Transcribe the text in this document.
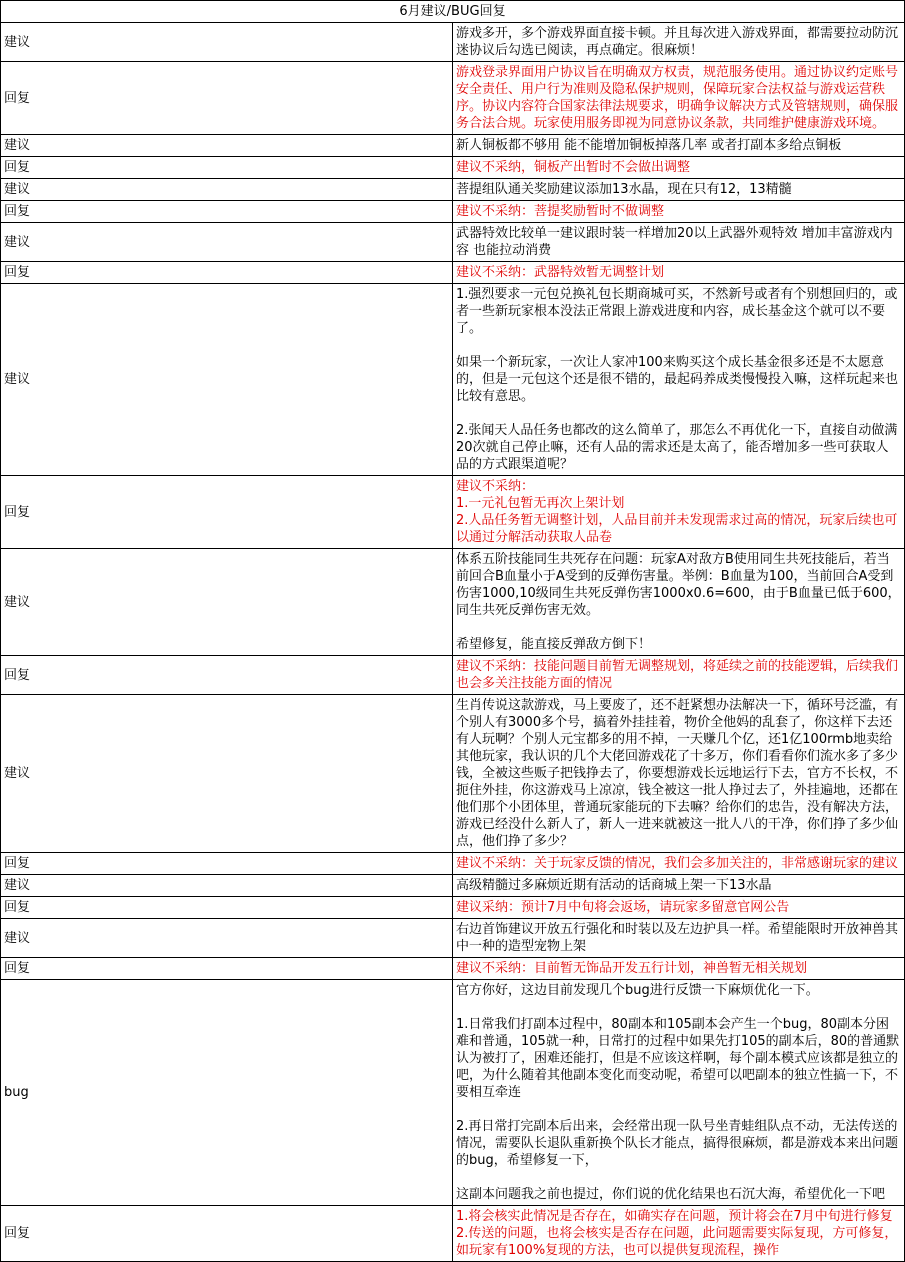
6月建议/BUG回复	
建议	游戏多开，多个游戏界面直接卡顿。并且每次进入游戏界面，都需要拉动防沉迷协议后勾选已阅读，再点确定。很麻烦！

回复	游戏登录界面用户协议旨在明确双方权责，规范服务使用。通过协议约定账号安全责任、用户行为准则及隐私保护规则，保障玩家合法权益与游戏运营秩序。协议内容符合国家法律法规要求，明确争议解决方式及管辖规则，确保服务合法合规。玩家使用服务即视为同意协议条款，共同维护健康游戏环境。

建议	新人铜板都不够用 能不能增加铜板掉落几率 或者打副本多给点铜板

回复	建议不采纳，铜板产出暂时不会做出调整

建议	菩提组队通关奖励建议添加13水晶，现在只有12，13精髓

回复	建议不采纳：菩提奖励暂时不做调整

建议	武器特效比较单一建议跟时装一样增加20以上武器外观特效 增加丰富游戏内容 也能拉动消费

回复	建议不采纳：武器特效暂无调整计划

建议	1.强烈要求一元包兑换礼包长期商城可买，不然新号或者有个别想回归的，或者一些新玩家根本没法正常跟上游戏进度和内容，成长基金这个就可以不要了。

如果一个新玩家，一次让人家冲100来购买这个成长基金很多还是不太愿意的，但是一元包这个还是很不错的，最起码养成类慢慢投入嘛，这样玩起来也比较有意思。

2.张闻天人品任务也都改的这么简单了，那怎么不再优化一下，直接自动做满20次就自己停止嘛，还有人品的需求还是太高了，能否增加多一些可获取人品的方式跟渠道呢？

回复	建议不采纳：

1.一元礼包暂无再次上架计划

2.人品任务暂无调整计划，人品目前并未发现需求过高的情况，玩家后续也可以通过分解活动获取人品卷

建议	体系五阶技能同生共死存在问题：玩家A对敌方B使用同生共死技能后，若当前回合B血量小于A受到的反弹伤害量。举例：B血量为100，当前回合A受到伤害1000,10级同生共死反弹伤害1000x0.6=600，由于B血量已低于600，同生共死反弹伤害无效。

希望修复，能直接反弹敌方倒下！

回复	建议不采纳：技能问题目前暂无调整规划，将延续之前的技能逻辑，后续我们也会多关注技能方面的情况

建议	生肖传说这款游戏，马上要废了，还不赶紧想办法解决一下，循环号泛滥，有个别人有3000多个号，搞着外挂挂着，物价全他妈的乱套了，你这样下去还有人玩啊？个别人元宝都多的用不掉，一天赚几个亿，还1亿100rmb地卖给其他玩家，我认识的几个大佬回游戏花了十多万，你们看看你们流水多了多少钱，全被这些贩子把钱挣去了，你要想游戏长远地运行下去，官方不长权，不扼住外挂，你这游戏马上凉凉，钱全被这一批人挣过去了，外挂遍地，还都在他们那个小团体里，普通玩家能玩的下去嘛？给你们的忠告，没有解决方法，游戏已经没什么新人了，新人一进来就被这一批人八的干净，你们挣了多少仙点，他们挣了多少？

回复	建议不采纳：关于玩家反馈的情况，我们会多加关注的，非常感谢玩家的建议

建议	高级精髓过多麻烦近期有活动的话商城上架一下13水晶

回复	建议采纳：预计7月中旬将会返场，请玩家多留意官网公告

建议	右边首饰建议开放五行强化和时装以及左边护具一样。希望能限时开放神兽其中一种的造型宠物上架

回复	建议不采纳：目前暂无饰品开发五行计划，神兽暂无相关规划

bug	官方你好，这边目前发现几个bug进行反馈一下麻烦优化一下。

1.日常我们打副本过程中，80副本和105副本会产生一个bug，80副本分困难和普通，105就一种，日常打的过程中如果先打105的副本后，80的普通默认为被打了，困难还能打，但是不应该这样啊，每个副本模式应该都是独立的吧，为什么随着其他副本变化而变动呢，希望可以吧副本的独立性搞一下，不要相互牵连

2.再日常打完副本后出来，会经常出现一队号坐青蛙组队点不动，无法传送的情况，需要队长退队重新换个队长才能点，搞得很麻烦，都是游戏本来出问题的bug，希望修复一下，

这副本问题我之前也提过，你们说的优化结果也石沉大海，希望优化一下吧

回复	1.将会核实此情况是否存在，如确实存在问题，预计将会在7月中旬进行修复

2.传送的问题，也将会核实是否存在问题，此问题需要实际复现，方可修复，如玩家有100%复现的方法，也可以提供复现流程，操作
